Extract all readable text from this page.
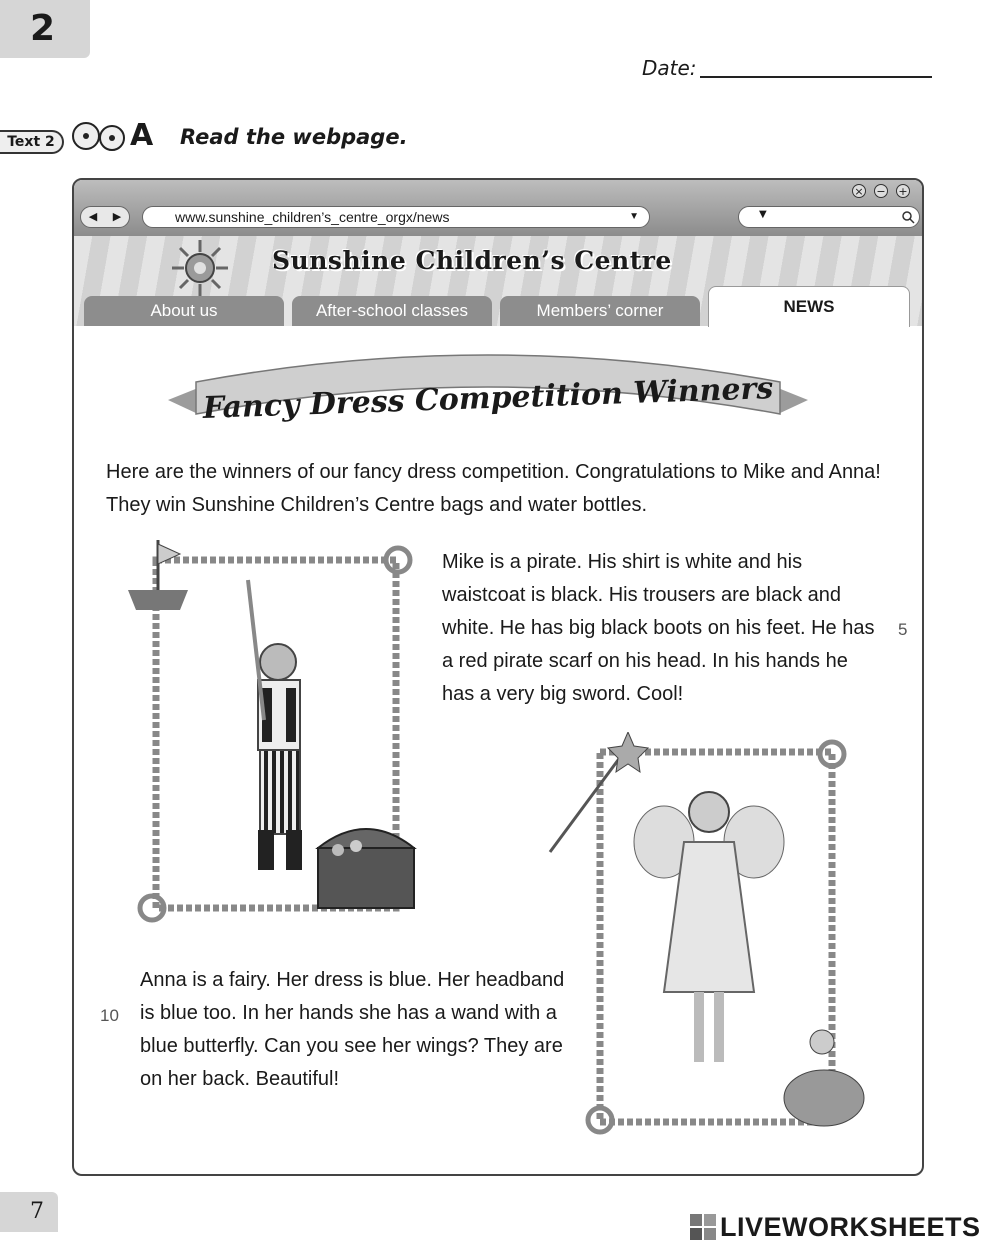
2
Date:
Text 2	A Read the webpage.
× − +
◀ ▶	www.sunshine_children’s_centre_orgx/news	▼	▼
Sunshine Children’s Centre
About us	After-school classes	Members’ corner	NEWS
Fancy Dress Competition Winners
Here are the winners of our fancy dress competition. Congratulations to Mike and Anna! They win Sunshine Children’s Centre bags and water bottles.
Mike is a pirate. His shirt is white and his waistcoat is black. His trousers are black and white. He has big black boots on his feet. He has a red pirate scarf on his head. In his hands he has a very big sword. Cool!
5
Anna is a fairy. Her dress is blue. Her headband is blue too. In her hands she has a wand with a blue butterfly. Can you see her wings? They are on her back. Beautiful!
10
7
LIVEWORKSHEETS
